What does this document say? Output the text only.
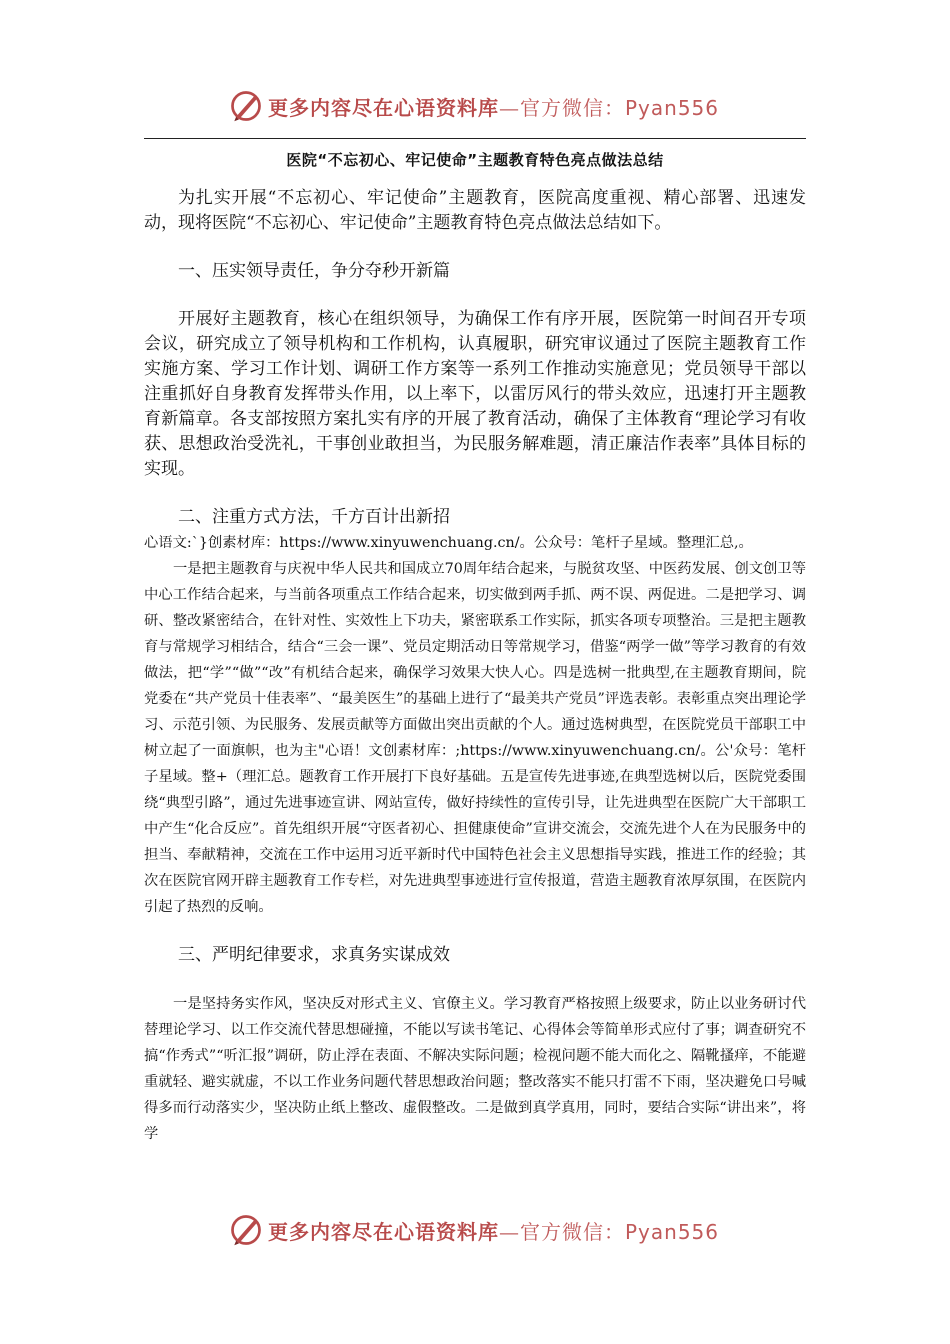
更多内容尽在心语资料库—官方微信：Pyan556
医院“不忘初心、牢记使命”主题教育特色亮点做法总结

为扎实开展“不忘初心、牢记使命”主题教育，医院高度重视、精心部署、迅速发动，现将医院“不忘初心、牢记使命”主题教育特色亮点做法总结如下。

一、压实领导责任，争分夺秒开新篇

开展好主题教育，核心在组织领导，为确保工作有序开展，医院第一时间召开专项会议，研究成立了领导机构和工作机构，认真履职，研究审议通过了医院主题教育工作实施方案、学习工作计划、调研工作方案等一系列工作推动实施意见；党员领导干部以注重抓好自身教育发挥带头作用，以上率下，以雷厉风行的带头效应，迅速打开主题教育新篇章。各支部按照方案扎实有序的开展了教育活动，确保了主体教育“理论学习有收获、思想政治受洗礼，干事创业敢担当，为民服务解难题，清正廉洁作表率”具体目标的实现。

二、注重方式方法，千方百计出新招

心语文:`}创素材库：https://www.xinyuwenchuang.cn/。公众号：笔杆子星域。整理汇总,。

一是把主题教育与庆祝中华人民共和国成立70周年结合起来，与脱贫攻坚、中医药发展、创文创卫等中心工作结合起来，与当前各项重点工作结合起来，切实做到两手抓、两不误、两促进。二是把学习、调研、整改紧密结合，在针对性、实效性上下功夫，紧密联系工作实际，抓实各项专项整治。三是把主题教育与常规学习相结合，结合“三会一课”、党员定期活动日等常规学习，借鉴“两学一做”等学习教育的有效做法，把“学”“做”“改”有机结合起来，确保学习效果大快人心。四是选树一批典型,在主题教育期间，院党委在“共产党员十佳表率”、“最美医生”的基础上进行了“最美共产党员”评选表彰。表彰重点突出理论学习、示范引领、为民服务、发展贡献等方面做出突出贡献的个人。通过选树典型，在医院党员干部职工中树立起了一面旗帜，也为主"心语！文创素材库：;https://www.xinyuwenchuang.cn/。公'众号：笔杆子星域。整+（理汇总。题教育工作开展打下良好基础。五是宣传先进事迹,在典型选树以后，医院党委围绕“典型引路”，通过先进事迹宣讲、网站宣传，做好持续性的宣传引导，让先进典型在医院广大干部职工中产生“化合反应”。首先组织开展“守医者初心、担健康使命”宣讲交流会，交流先进个人在为民服务中的担当、奉献精神，交流在工作中运用习近平新时代中国特色社会主义思想指导实践，推进工作的经验；其次在医院官网开辟主题教育工作专栏，对先进典型事迹进行宣传报道，营造主题教育浓厚氛围，在医院内引起了热烈的反响。

三、严明纪律要求，求真务实谋成效

一是坚持务实作风，坚决反对形式主义、官僚主义。学习教育严格按照上级要求，防止以业务研讨代替理论学习、以工作交流代替思想碰撞，不能以写读书笔记、心得体会等简单形式应付了事；调查研究不搞“作秀式”“听汇报”调研，防止浮在表面、不解决实际问题；检视问题不能大而化之、隔靴搔痒，不能避重就轻、避实就虚，不以工作业务问题代替思想政治问题；整改落实不能只打雷不下雨，坚决避免口号喊得多而行动落实少，坚决防止纸上整改、虚假整改。二是做到真学真用，同时，要结合实际“讲出来”，将学

更多内容尽在心语资料库—官方微信：Pyan556
